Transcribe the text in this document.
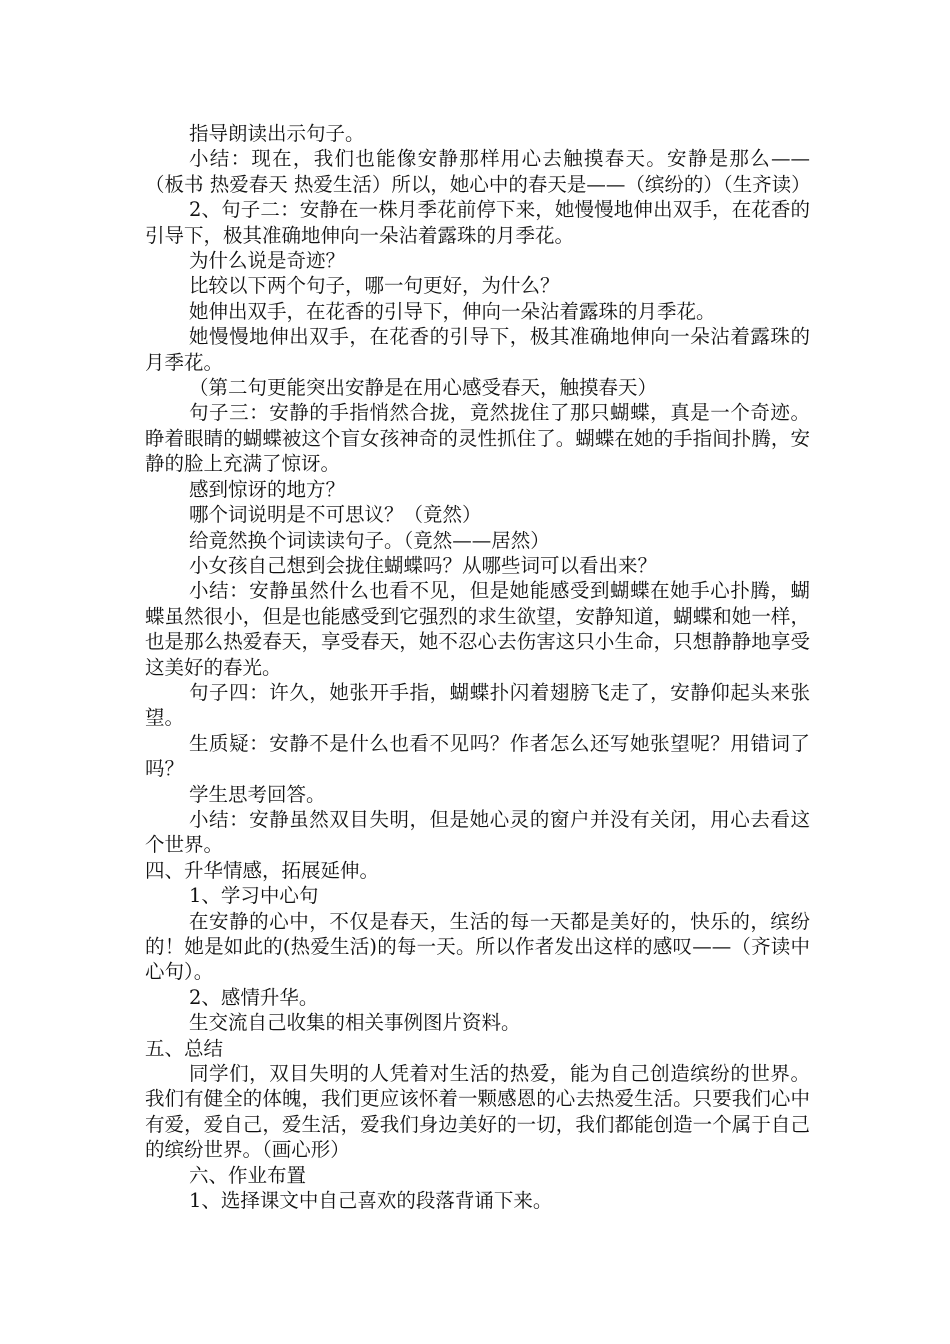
指导朗读出示句子。

小结：现在，我们也能像安静那样用心去触摸春天。安静是那么——（板书 热爱春天 热爱生活）所以，她心中的春天是——（缤纷的）（生齐读）

2、句子二：安静在一株月季花前停下来，她慢慢地伸出双手，在花香的引导下，极其准确地伸向一朵沾着露珠的月季花。

为什么说是奇迹？

比较以下两个句子，哪一句更好，为什么？

她伸出双手，在花香的引导下，伸向一朵沾着露珠的月季花。

她慢慢地伸出双手，在花香的引导下，极其准确地伸向一朵沾着露珠的月季花。

（第二句更能突出安静是在用心感受春天，触摸春天）

句子三：安静的手指悄然合拢，竟然拢住了那只蝴蝶，真是一个奇迹。睁着眼睛的蝴蝶被这个盲女孩神奇的灵性抓住了。蝴蝶在她的手指间扑腾，安静的脸上充满了惊讶。

感到惊讶的地方？

哪个词说明是不可思议？（竟然）

给竟然换个词读读句子。（竟然——居然）

小女孩自己想到会拢住蝴蝶吗？从哪些词可以看出来？

小结：安静虽然什么也看不见，但是她能感受到蝴蝶在她手心扑腾，蝴蝶虽然很小，但是也能感受到它强烈的求生欲望，安静知道，蝴蝶和她一样，也是那么热爱春天，享受春天，她不忍心去伤害这只小生命，只想静静地享受这美好的春光。

句子四：许久，她张开手指，蝴蝶扑闪着翅膀飞走了，安静仰起头来张望。

生质疑：安静不是什么也看不见吗？作者怎么还写她张望呢？用错词了吗？

学生思考回答。

小结：安静虽然双目失明，但是她心灵的窗户并没有关闭，用心去看这个世界。

四、升华情感，拓展延伸。

1、学习中心句

在安静的心中，不仅是春天，生活的每一天都是美好的，快乐的，缤纷的！她是如此的(热爱生活)的每一天。所以作者发出这样的感叹——（齐读中心句）。

2、感情升华。

生交流自己收集的相关事例图片资料。

五、总结

同学们，双目失明的人凭着对生活的热爱，能为自己创造缤纷的世界。我们有健全的体魄，我们更应该怀着一颗感恩的心去热爱生活。只要我们心中有爱，爱自己，爱生活，爱我们身边美好的一切，我们都能创造一个属于自己的缤纷世界。（画心形）

六、作业布置

1、选择课文中自己喜欢的段落背诵下来。
